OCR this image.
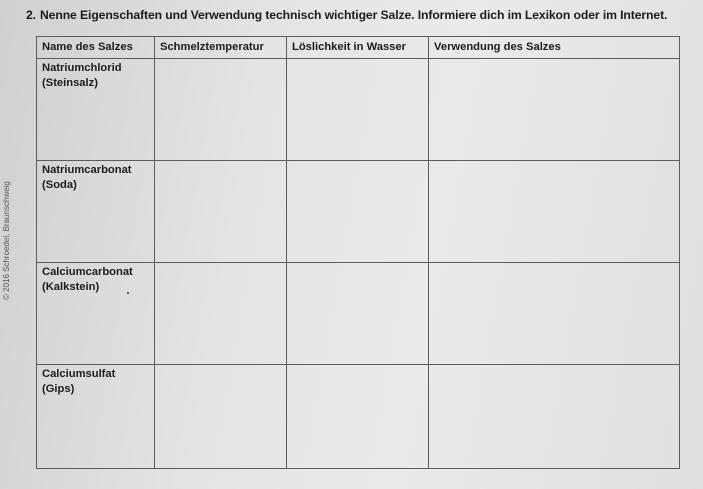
2. Nenne Eigenschaften und Verwendung technisch wichtiger Salze. Informiere dich im Lexikon oder im Internet.
Name des Salzes	Schmelztemperatur	Löslichkeit in Wasser	Verwendung des Salzes

Natriumchlorid
(Steinsalz)			

Natriumcarbonat
(Soda)			

Calciumcarbonat
(Kalkstein)			

Calciumsulfat
(Gips)			

© 2016 Schroedel, Braunschweig
